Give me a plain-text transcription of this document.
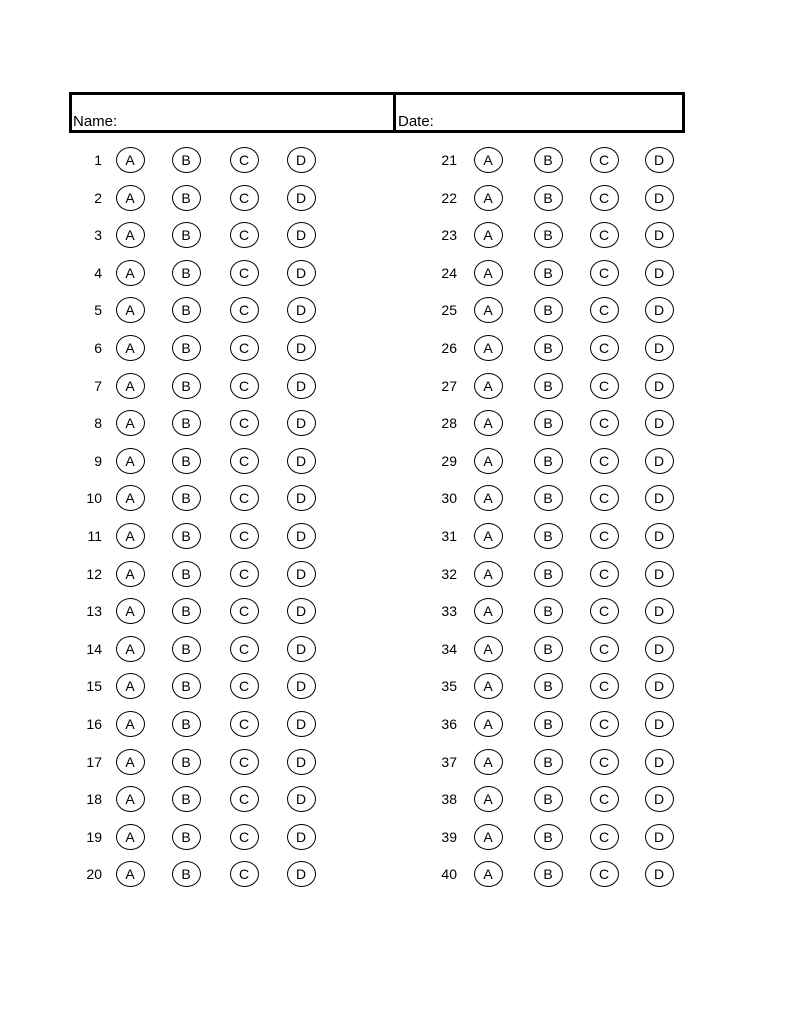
Name:	Date:
1	A	B	C	D
2	A	B	C	D
3	A	B	C	D
4	A	B	C	D
5	A	B	C	D
6	A	B	C	D
7	A	B	C	D
8	A	B	C	D
9	A	B	C	D
10	A	B	C	D
11	A	B	C	D
12	A	B	C	D
13	A	B	C	D
14	A	B	C	D
15	A	B	C	D
16	A	B	C	D
17	A	B	C	D
18	A	B	C	D
19	A	B	C	D
20	A	B	C	D
21	A	B	C	D
22	A	B	C	D
23	A	B	C	D
24	A	B	C	D
25	A	B	C	D
26	A	B	C	D
27	A	B	C	D
28	A	B	C	D
29	A	B	C	D
30	A	B	C	D
31	A	B	C	D
32	A	B	C	D
33	A	B	C	D
34	A	B	C	D
35	A	B	C	D
36	A	B	C	D
37	A	B	C	D
38	A	B	C	D
39	A	B	C	D
40	A	B	C	D
